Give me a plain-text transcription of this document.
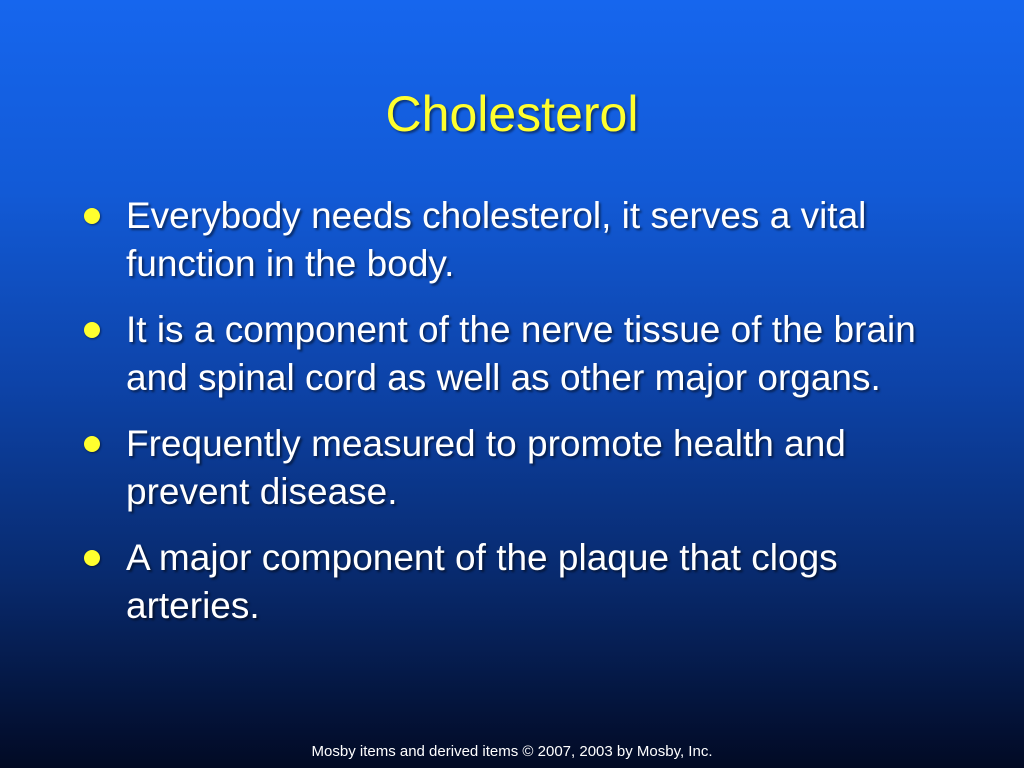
Cholesterol
Everybody needs cholesterol, it serves a vital function in the body.
It is a component of the nerve tissue of the brain and spinal cord as well as other major organs.
Frequently measured to promote health and prevent disease.
A major component of the plaque that clogs arteries.
Mosby items and derived items © 2007, 2003 by Mosby, Inc.
